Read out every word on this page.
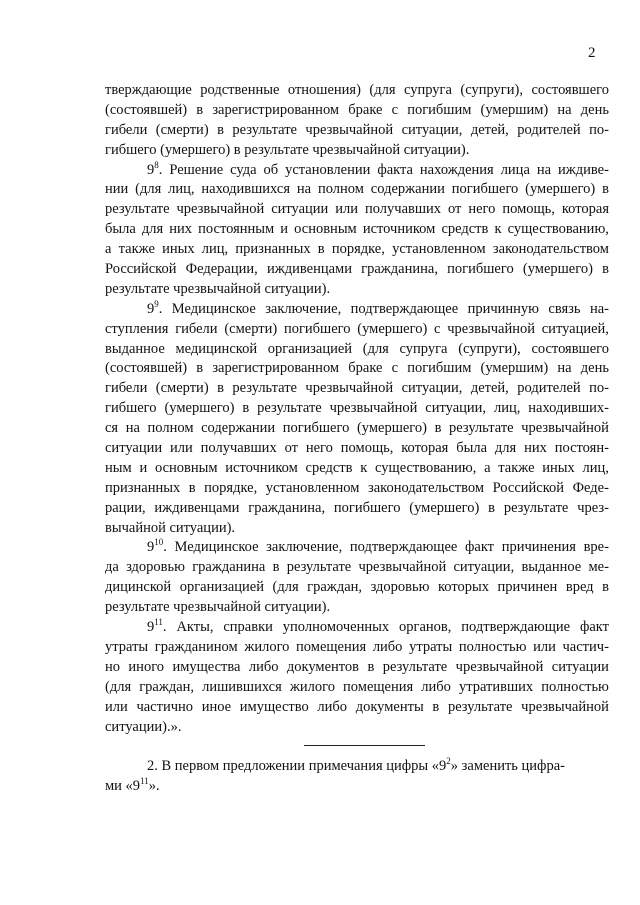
2
тверждающие родственные отношения) (для супруга (супруги), состоявшего
(состоявшей) в зарегистрированном браке с погибшим (умершим) на день
гибели (смерти) в результате чрезвычайной ситуации, детей, родителей по-
гибшего (умершего) в результате чрезвычайной ситуации).
$9^8$. Решение суда об установлении факта нахождения лица на иждиве-
нии (для лиц, находившихся на полном содержании погибшего (умершего) в
результате чрезвычайной ситуации или получавших от него помощь, которая
была для них постоянным и основным источником средств к существованию,
а также иных лиц, признанных в порядке, установленном законодательством
Российской Федерации, иждивенцами гражданина, погибшего (умершего) в
результате чрезвычайной ситуации).
$9^9$. Медицинское заключение, подтверждающее причинную связь на-
ступления гибели (смерти) погибшего (умершего) с чрезвычайной ситуацией,
выданное медицинской организацией (для супруга (супруги), состоявшего
(состоявшей) в зарегистрированном браке с погибшим (умершим) на день
гибели (смерти) в результате чрезвычайной ситуации, детей, родителей по-
гибшего (умершего) в результате чрезвычайной ситуации, лиц, находивших-
ся на полном содержании погибшего (умершего) в результате чрезвычайной
ситуации или получавших от него помощь, которая была для них постоян-
ным и основным источником средств к существованию, а также иных лиц,
признанных в порядке, установленном законодательством Российской Феде-
рации, иждивенцами гражданина, погибшего (умершего) в результате чрез-
вычайной ситуации).
$9^{10}$. Медицинское заключение, подтверждающее факт причинения вре-
да здоровью гражданина в результате чрезвычайной ситуации, выданное ме-
дицинской организацией (для граждан, здоровью которых причинен вред в
результате чрезвычайной ситуации).
$9^{11}$. Акты, справки уполномоченных органов, подтверждающие факт
утраты гражданином жилого помещения либо утраты полностью или частич-
но иного имущества либо документов в результате чрезвычайной ситуации
(для граждан, лишившихся жилого помещения либо утративших полностью
или частично иное имущество либо документы в результате чрезвычайной
ситуации).».
2. В первом предложении примечания цифры «$9^2$» заменить цифра-
ми «$9^{11}$».
